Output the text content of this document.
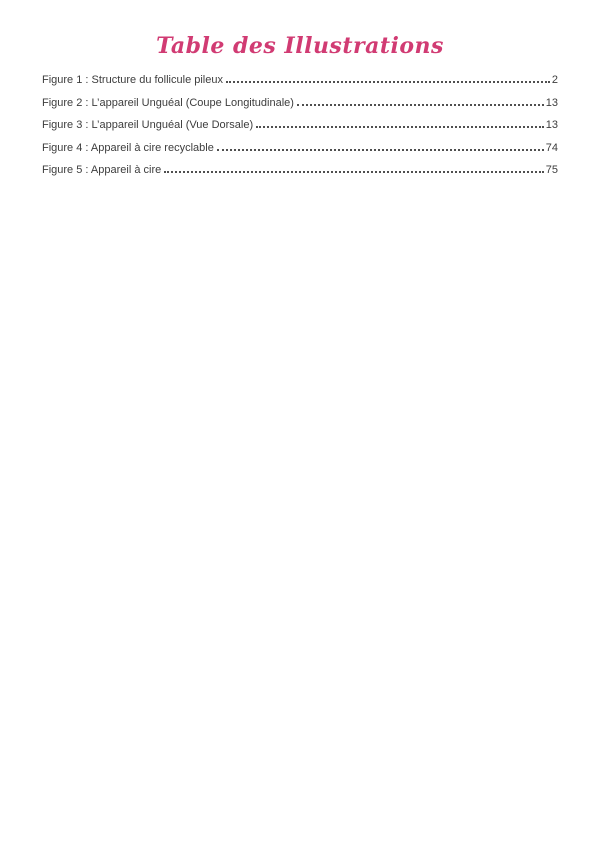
Table des Illustrations
Figure 1 : Structure du follicule pileux	2
Figure 2 : L’appareil Unguéal (Coupe Longitudinale)	13
Figure 3 : L’appareil Unguéal (Vue Dorsale)	13
Figure 4 : Appareil à cire recyclable	74
Figure 5 : Appareil à cire	75
